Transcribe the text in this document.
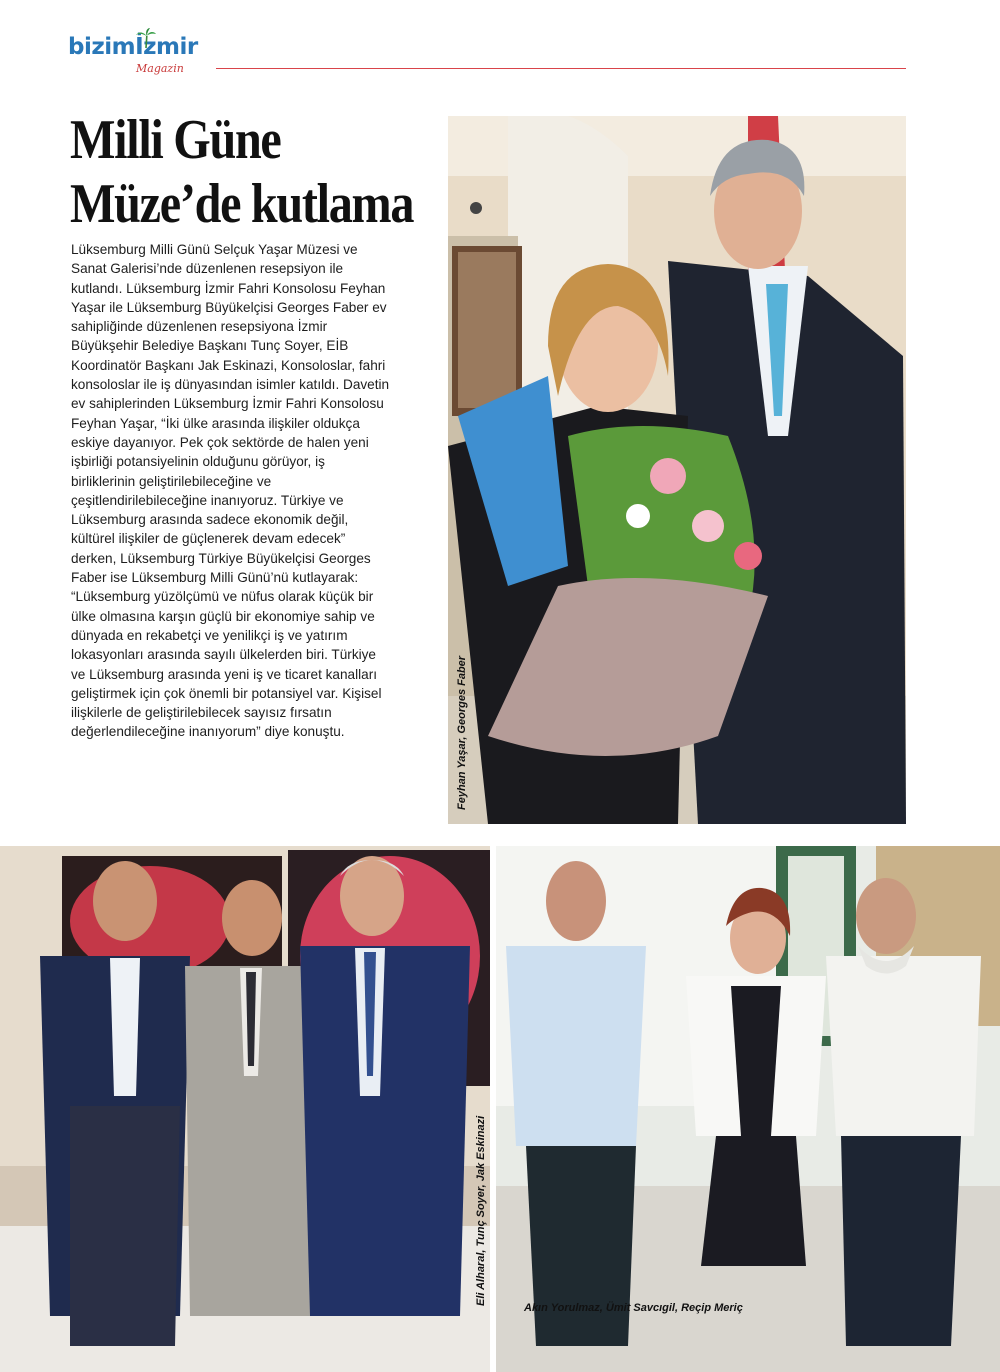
bizimİzmir
Magazin
Milli Güne
Müze’de kutlama

Lüksemburg Milli Günü Selçuk Yaşar Müzesi ve Sanat Galerisi’nde düzenlenen resepsiyon ile kutlandı. Lüksemburg İzmir Fahri Konsolosu Feyhan Yaşar ile Lüksemburg Büyükelçisi Georges Faber ev sahipliğinde düzenlenen resepsiyona İzmir Büyükşehir Belediye Başkanı Tunç Soyer, EİB Koordinatör Başkanı Jak Eskinazi, Konsoloslar, fahri konsoloslar ile iş dünyasından isimler katıldı. Davetin ev sahiplerinden Lüksemburg İzmir Fahri Konsolosu Feyhan Yaşar, “İki ülke arasında ilişkiler oldukça eskiye dayanıyor. Pek çok sektörde de halen yeni işbirliği potansiyelinin olduğunu görüyor, iş birliklerinin geliştirilebileceğine ve çeşitlendirilebileceğine inanıyoruz. Türkiye ve Lüksemburg arasında sadece ekonomik değil, kültürel ilişkiler de güçlenerek devam edecek” derken, Lüksemburg Türkiye Büyükelçisi Georges Faber ise Lüksemburg Milli Günü’nü kutlayarak: “Lüksemburg yüzölçümü ve nüfus olarak küçük bir ülke olmasına karşın güçlü bir ekonomiye sahip ve dünyada en rekabetçi ve yenilikçi iş ve yatırım lokasyonları arasında sayılı ülkelerden biri. Türkiye ve Lüksemburg arasında yeni iş ve ticaret kanalları geliştirmek için çok önemli bir potansiyel var. Kişisel ilişkilerle de geliştirilebilecek sayısız fırsatın değerlendileceğine inanıyorum” diye konuştu.	Feyhan Yaşar, Georges Faber
Eli Alharal, Tunç Soyer, Jak Eskinazi
Akın Yorulmaz, Ümit Savcıgil, Reçip Meriç
